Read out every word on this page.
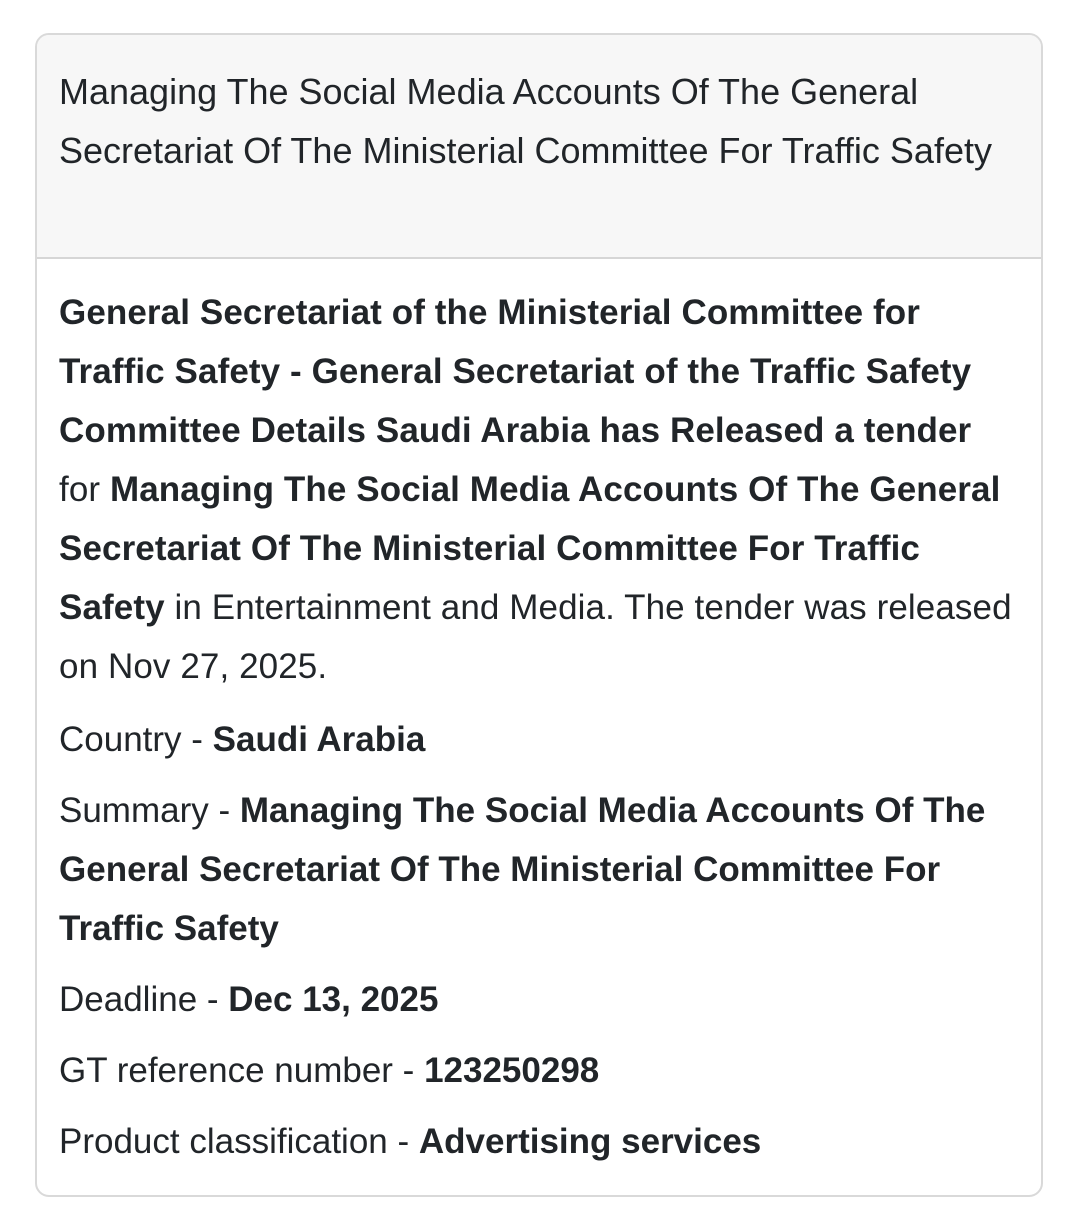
Managing The Social Media Accounts Of The General Secretariat Of The Ministerial Committee For Traffic Safety

General Secretariat of the Ministerial Committee for Traffic Safety - General Secretariat of the Traffic Safety Committee Details Saudi Arabia has Released a tender for Managing The Social Media Accounts Of The General Secretariat Of The Ministerial Committee For Traffic Safety in Entertainment and Media. The tender was released on Nov 27, 2025.

Country - Saudi Arabia
Summary - Managing The Social Media Accounts Of The General Secretariat Of The Ministerial Committee For Traffic Safety
Deadline - Dec 13, 2025
GT reference number - 123250298
Product classification - Advertising services
